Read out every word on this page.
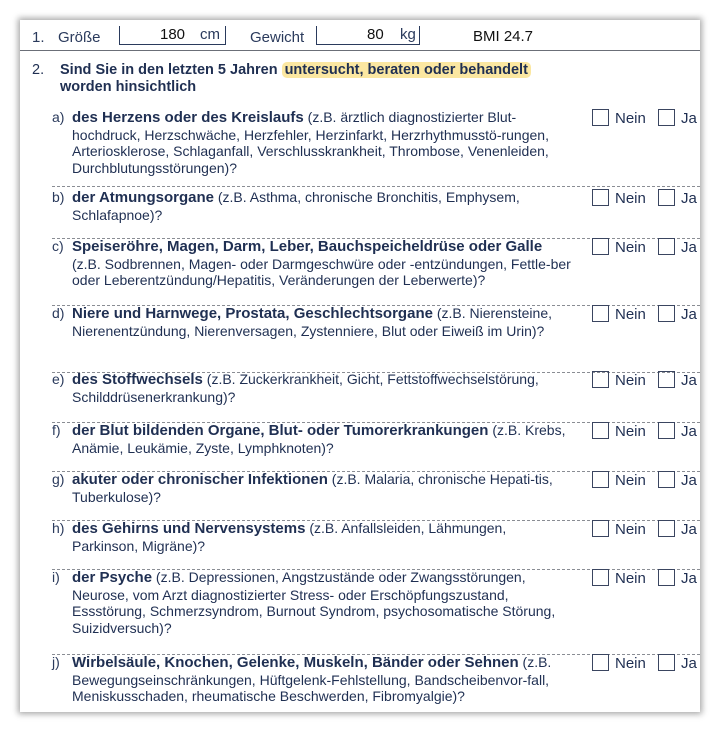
1. Größe	180 cm Gewicht	80 kg	BMI 24.7
2. Sind Sie in den letzten 5 Jahren untersucht, beraten oder behandelt
worden hinsichtlich
a) des Herzens oder des Kreislaufs (z.B. ärztlich diagnostizierter Blut-hochdruck, Herzschwäche, Herzfehler, Herzinfarkt, Herzrhythmusstö-rungen, Arteriosklerose, Schlaganfall, Verschlusskrankheit, Thrombose, Venenleiden, Durchblutungsstörungen)?
Nein Ja
b) der Atmungsorgane (z.B. Asthma, chronische Bronchitis, Emphysem, Schlafapnoe)?
Nein Ja
c) Speiseröhre, Magen, Darm, Leber, Bauchspeicheldrüse oder Galle (z.B. Sodbrennen, Magen- oder Darmgeschwüre oder -entzündungen, Fettle-ber oder Leberentzündung/Hepatitis, Veränderungen der Leberwerte)?
Nein Ja
d) Niere und Harnwege, Prostata, Geschlechtsorgane (z.B. Nierensteine, Nierenentzündung, Nierenversagen, Zystenniere, Blut oder Eiweiß im Urin)?
Nein Ja
e) des Stoffwechsels (z.B. Zuckerkrankheit, Gicht, Fettstoffwechselstörung, Schilddrüsenerkrankung)?
Nein Ja
f) der Blut bildenden Organe, Blut- oder Tumorerkrankungen (z.B. Krebs, Anämie, Leukämie, Zyste, Lymphknoten)?
Nein Ja
g) akuter oder chronischer Infektionen (z.B. Malaria, chronische Hepati-tis, Tuberkulose)?
Nein Ja
h) des Gehirns und Nervensystems (z.B. Anfallsleiden, Lähmungen, Parkinson, Migräne)?
Nein Ja
i) der Psyche (z.B. Depressionen, Angstzustände oder Zwangsstörungen, Neurose, vom Arzt diagnostizierter Stress- oder Erschöpfungszustand, Essstörung, Schmerzsyndrom, Burnout Syndrom, psychosomatische Störung, Suizidversuch)?
Nein Ja
j) Wirbelsäule, Knochen, Gelenke, Muskeln, Bänder oder Sehnen (z.B. Bewegungseinschränkungen, Hüftgelenk-Fehlstellung, Bandscheibenvor-fall, Meniskusschaden, rheumatische Beschwerden, Fibromyalgie)?
Nein Ja
